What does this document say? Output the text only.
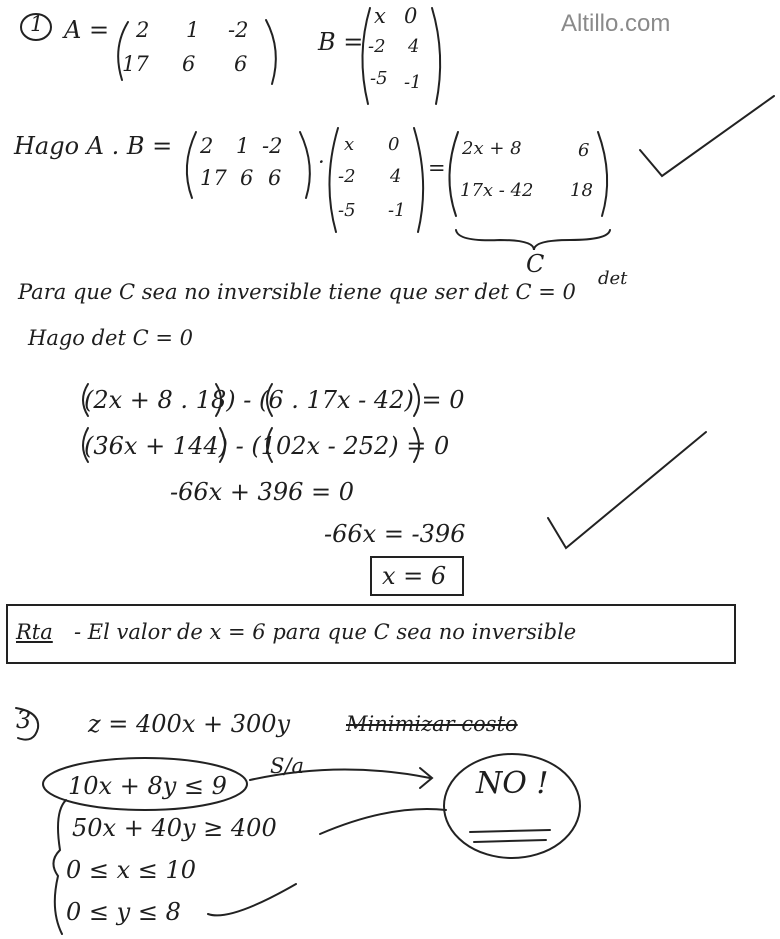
Altillo.com
1 A = 2 1 -2
17 6 6
B =
x 0
-2 4
-5 -1
Hago A . B = 2 1 -2
17 6 6
·
x 0
-2 4
-5 -1
=
2x + 8	6
17x - 42 18
C
Para que C sea no inversible tiene que ser det C = 0
det
Hago det C = 0
(2x + 8 . 18) - (6 . 17x - 42) = 0
(36x + 144) - (102x - 252) = 0
-66x + 396 = 0
-66x = -396
x = 6
Rta - El valor de x = 6 para que C sea no inversible
3 z = 400x + 300y	Minimizar costo
S/a
10x + 8y ≤ 9
50x + 40y ≥ 400
0 ≤ x ≤ 10
0 ≤ y ≤ 8
NO !
